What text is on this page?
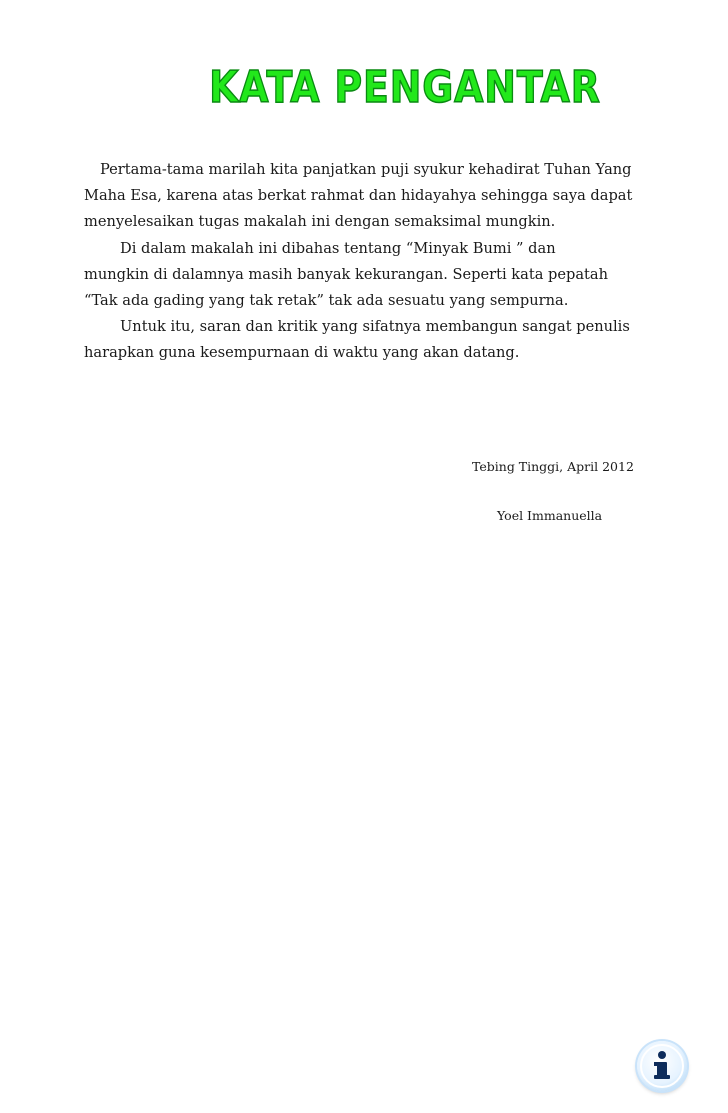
KATA PENGANTAR
Pertama-tama marilah kita panjatkan puji syukur kehadirat Tuhan Yang
Maha Esa, karena atas berkat rahmat dan hidayahya sehingga saya dapat
menyelesaikan tugas makalah ini dengan semaksimal mungkin.
Di dalam makalah ini dibahas tentang “Minyak Bumi ” dan
mungkin di dalamnya masih banyak kekurangan. Seperti kata pepatah
“Tak ada gading yang tak retak” tak ada sesuatu yang sempurna.
Untuk itu, saran dan kritik yang sifatnya membangun sangat penulis
harapkan guna kesempurnaan di waktu yang akan datang.
Tebing Tinggi, April 2012
Yoel Immanuella
